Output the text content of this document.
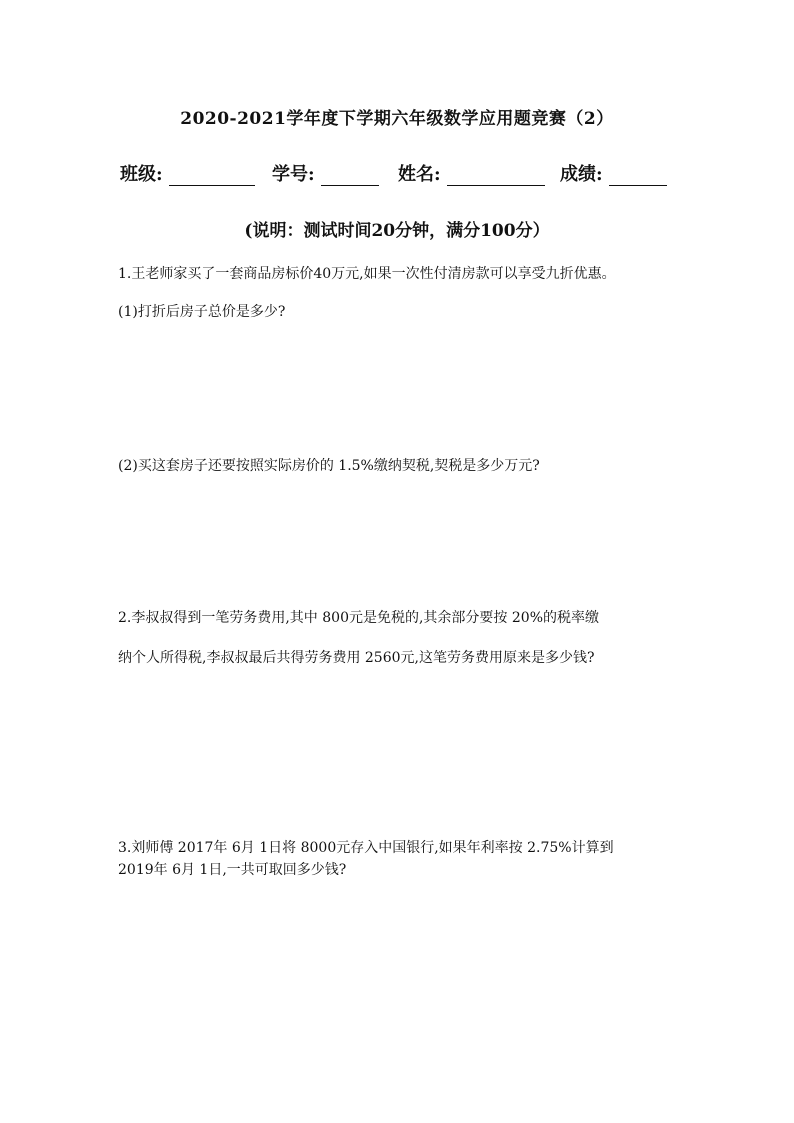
2020-2021学年度下学期六年级数学应用题竞赛（2）
班级:	学号:	姓名:	成绩:
(说明：测试时间20分钟，满分100分）
1.王老师家买了一套商品房标价40万元,如果一次性付清房款可以享受九折优惠。
(1)打折后房子总价是多少?
(2)买这套房子还要按照实际房价的 1.5%缴纳契税,契税是多少万元?
2.李叔叔得到一笔劳务费用,其中 800元是免税的,其余部分要按 20%的税率缴
纳个人所得税,李叔叔最后共得劳务费用 2560元,这笔劳务费用原来是多少钱?
3.刘师傅 2017年 6月 1日将 8000元存入中国银行,如果年利率按 2.75%计算到
2019年 6月 1日,一共可取回多少钱?
